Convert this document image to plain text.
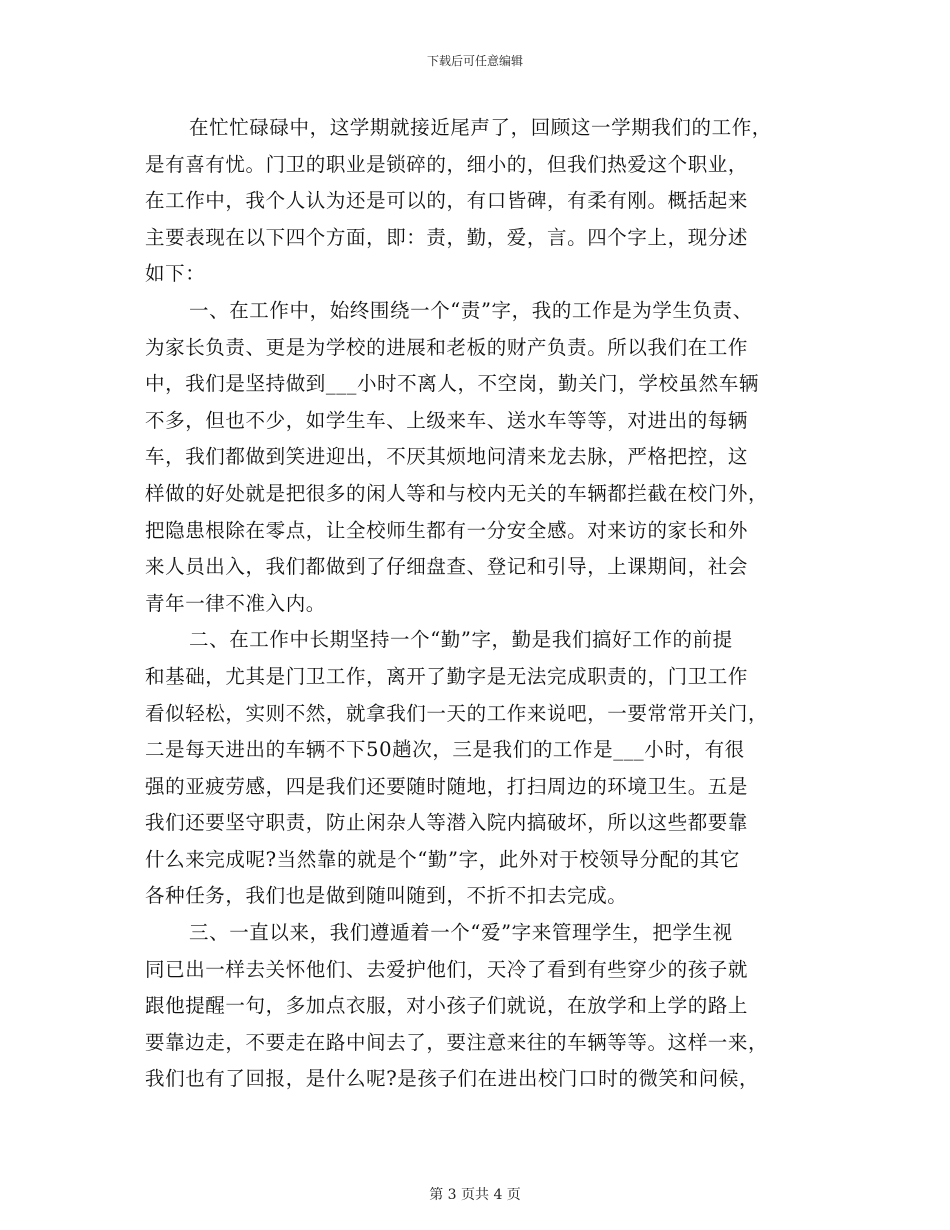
下载后可任意编辑
在忙忙碌碌中，这学期就接近尾声了，回顾这一学期我们的工作，
是有喜有忧。门卫的职业是锁碎的，细小的，但我们热爱这个职业，
在工作中，我个人认为还是可以的，有口皆碑，有柔有刚。概括起来
主要表现在以下四个方面，即：责，勤，爱，言。四个字上，现分述
如下：
一、在工作中，始终围绕一个“责”字，我的工作是为学生负责、
为家长负责、更是为学校的进展和老板的财产负责。所以我们在工作
中，我们是坚持做到___小时不离人，不空岗，勤关门，学校虽然车辆
不多，但也不少，如学生车、上级来车、送水车等等，对进出的每辆
车，我们都做到笑进迎出，不厌其烦地问清来龙去脉，严格把控，这
样做的好处就是把很多的闲人等和与校内无关的车辆都拦截在校门外，
把隐患根除在零点，让全校师生都有一分安全感。对来访的家长和外
来人员出入，我们都做到了仔细盘查、登记和引导，上课期间，社会
青年一律不准入内。
二、在工作中长期坚持一个“勤”字，勤是我们搞好工作的前提
和基础，尤其是门卫工作，离开了勤字是无法完成职责的，门卫工作
看似轻松，实则不然，就拿我们一天的工作来说吧，一要常常开关门，
二是每天进出的车辆不下50趟次，三是我们的工作是___小时，有很
强的亚疲劳感，四是我们还要随时随地，打扫周边的环境卫生。五是
我们还要坚守职责，防止闲杂人等潜入院内搞破坏，所以这些都要靠
什么来完成呢?当然靠的就是个“勤”字，此外对于校领导分配的其它
各种任务，我们也是做到随叫随到，不折不扣去完成。
三、一直以来，我们遵遁着一个“爱”字来管理学生，把学生视
同已出一样去关怀他们、去爱护他们，天冷了看到有些穿少的孩子就
跟他提醒一句，多加点衣服，对小孩子们就说，在放学和上学的路上
要靠边走，不要走在路中间去了，要注意来往的车辆等等。这样一来，
我们也有了回报，是什么呢?是孩子们在进出校门口时的微笑和问候，
第 3 页共 4 页
